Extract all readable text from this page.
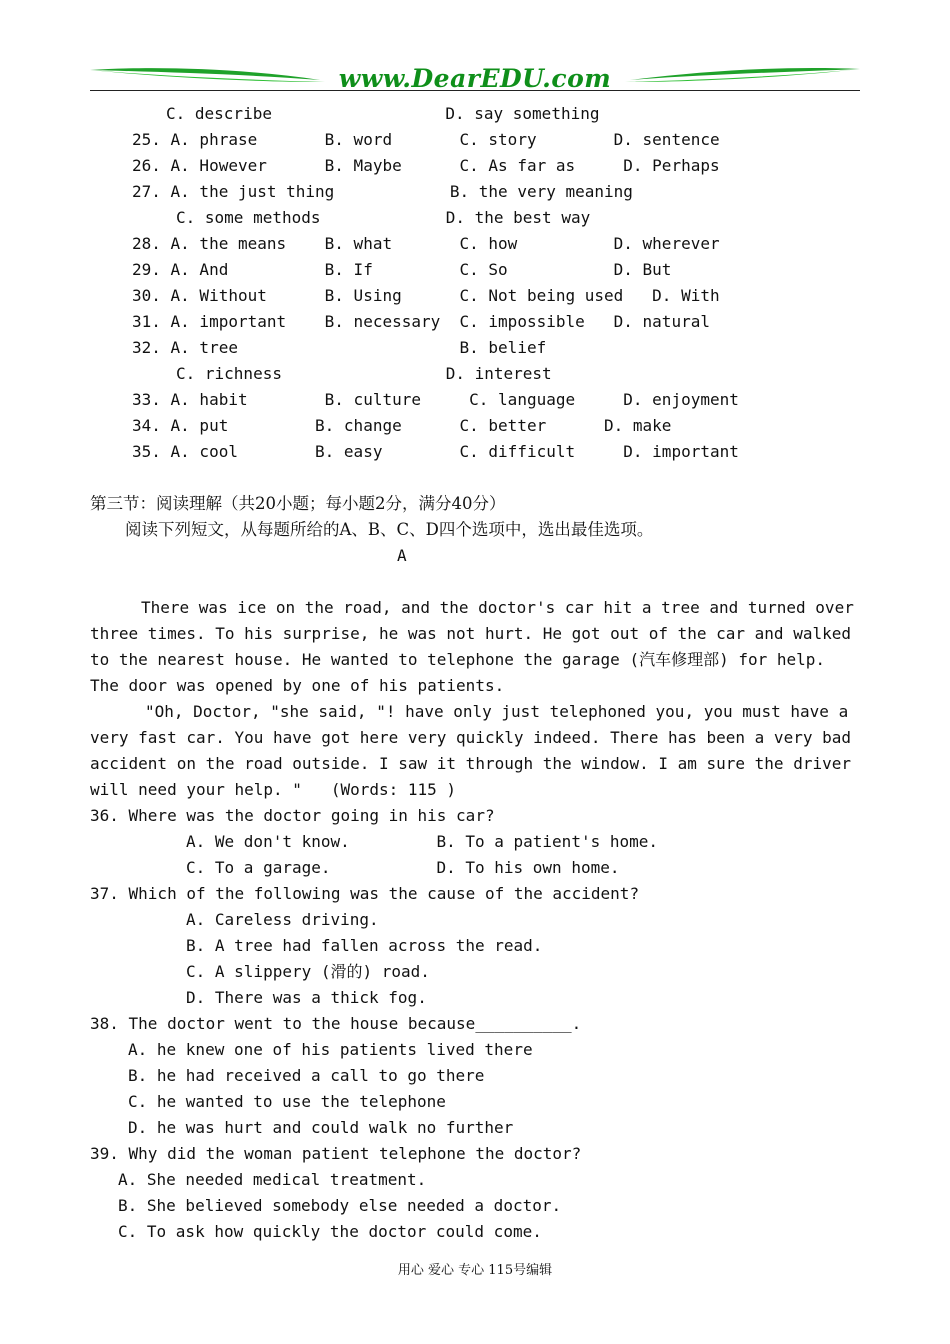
www.DearEDU.com
C. describe                  D. say something
25. A. phrase       B. word       C. story        D. sentence
26. A. However      B. Maybe      C. As far as     D. Perhaps
27. A. the just thing            B. the very meaning
C. some methods             D. the best way
28. A. the means    B. what       C. how          D. wherever
29. A. And          B. If         C. So           D. But
30. A. Without      B. Using      C. Not being used   D. With
31. A. important    B. necessary  C. impossible   D. natural
32. A. tree                       B. belief
C. richness                 D. interest
33. A. habit        B. culture     C. language     D. enjoyment
34. A. put         B. change      C. better      D. make
35. A. cool        B. easy        C. difficult     D. important
第三节：阅读理解（共20小题；每小题2分，满分40分）
阅读下列短文，从每题所给的A、B、C、D四个选项中，选出最佳选项。
A
There was ice on the road, and the doctor's car hit a tree and turned over
three times. To his surprise, he was not hurt. He got out of the car and walked
to the nearest house. He wanted to telephone the garage (汽车修理部) for help.
The door was opened by one of his patients.
"Oh, Doctor, "she said, "! have only just telephoned you, you must have a
very fast car. You have got here very quickly indeed. There has been a very bad
accident on the road outside. I saw it through the window. I am sure the driver
will need your help. "   (Words: 115 )
36. Where was the doctor going in his car?
A. We don't know.         B. To a patient's home.
C. To a garage.           D. To his own home.
37. Which of the following was the cause of the accident?
A. Careless driving.
B. A tree had fallen across the read.
C. A slippery (滑的) road.
D. There was a thick fog.
38. The doctor went to the house because__________.
A. he knew one of his patients lived there
B. he had received a call to go there
C. he wanted to use the telephone
D. he was hurt and could walk no further
39. Why did the woman patient telephone the doctor?
A. She needed medical treatment.
B. She believed somebody else needed a doctor.
C. To ask how quickly the doctor could come.
用心 爱心 专心 115号编辑
